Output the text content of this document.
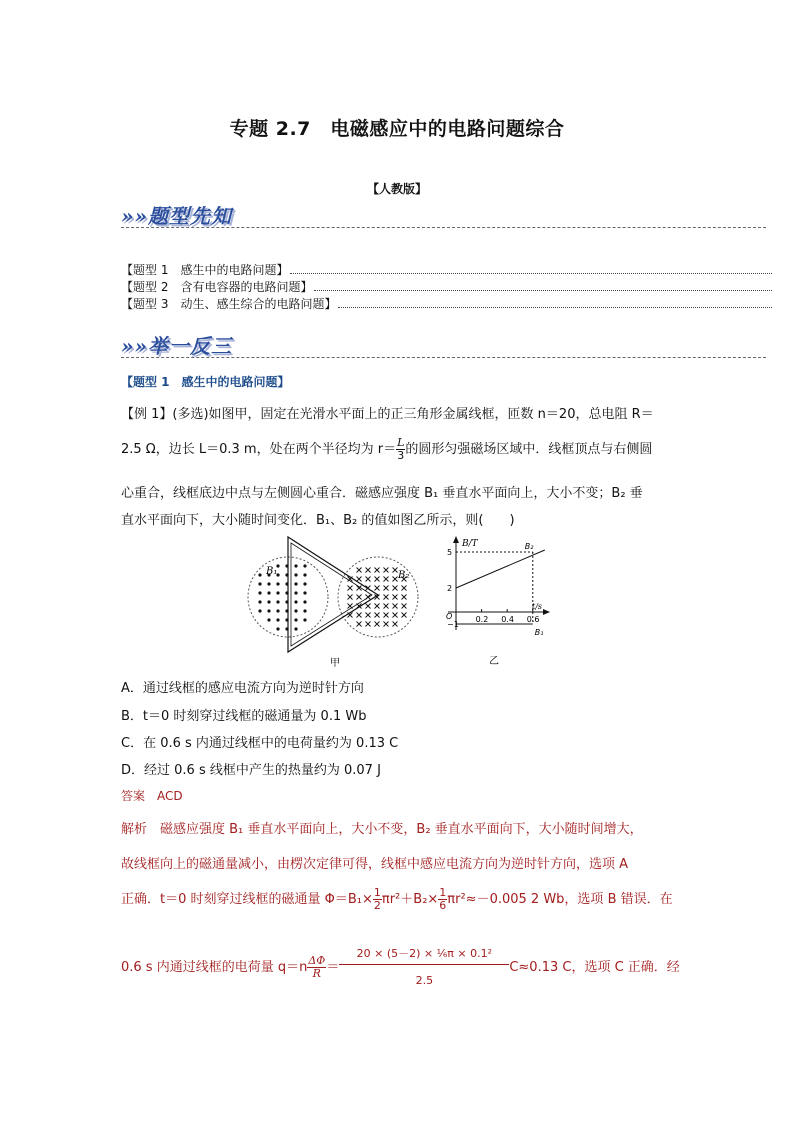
专题 2.7　电磁感应中的电路问题综合
【人教版】
»»题型先知
【题型 1　感生中的电路问题】
【题型 2　含有电容器的电路问题】
【题型 3　动生、感生综合的电路问题】
»»举一反三
【题型 1　感生中的电路问题】
【例 1】(多选)如图甲，固定在光滑水平面上的正三角形金属线框，匝数 n＝20，总电阻 R＝
2.5 Ω，边长 L＝0.3 m，处在两个半径均为 $r= \frac{L}{3}$ 的圆形匀强磁场区域中．线框顶点与右侧圆
心重合，线框底边中点与左侧圆心重合．磁感应强度 B₁ 垂直水平面向上，大小不变；B₂ 垂
直水平面向下，大小随时间变化．B₁、B₂ 的值如图乙所示，则(　　)
B₁	B₂
甲
B/T
t/s
O
B₂
B₁
5
2
−1
0.2 0.4 0.6
乙
A．通过线框的感应电流方向为逆时针方向
B．t＝0 时刻穿过线框的磁通量为 0.1 Wb
C．在 0.6 s 内通过线框中的电荷量约为 0.13 C
D．经过 0.6 s 线框中产生的热量约为 0.07 J
答案　ACD
解析　磁感应强度 B₁ 垂直水平面向上，大小不变，B₂ 垂直水平面向下，大小随时间增大，
故线框向上的磁通量减小，由楞次定律可得，线框中感应电流方向为逆时针方向，选项 A
正确．t＝0 时刻穿过线框的磁通量 $\Phi=B_1\times \frac{1}{2} \pi r^2+B_2\times \frac{1}{6} \pi r^2\approx-0.005$ 2 Wb，选项 B 错误．在
0.6 s 内通过线框的电荷量 $q=n \frac{\Delta\Phi}{R} = \frac{\text{20 × (5－2) × ⅙π × 0.1²}}{2.5} C\approx 0.13$ C，选项 C 正确．经
